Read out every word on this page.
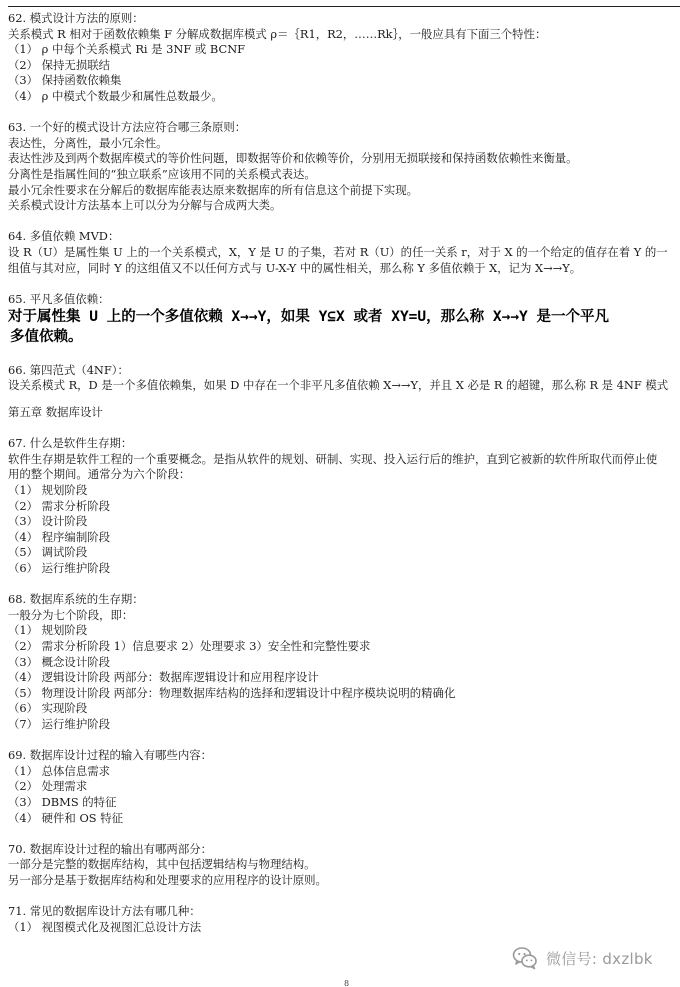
62. 模式设计方法的原则：
关系模式 R 相对于函数依赖集 F 分解成数据库模式 ρ＝｛R1，R2，……Rk｝，一般应具有下面三个特性：
（1） ρ 中每个关系模式 Ri 是 3NF 或 BCNF
（2） 保持无损联结
（3） 保持函数依赖集
（4） ρ 中模式个数最少和属性总数最少。
63. 一个好的模式设计方法应符合哪三条原则：
表达性，分离性，最小冗余性。
表达性涉及到两个数据库模式的等价性问题，即数据等价和依赖等价，分别用无损联接和保持函数依赖性来衡量。
分离性是指属性间的“独立联系”应该用不同的关系模式表达。
最小冗余性要求在分解后的数据库能表达原来数据库的所有信息这个前提下实现。
关系模式设计方法基本上可以分为分解与合成两大类。
64. 多值依赖 MVD：
设 R（U）是属性集 U 上的一个关系模式，X，Y 是 U 的子集，若对 R（U）的任一关系 r，对于 X 的一个给定的值存在着 Y 的一
组值与其对应，同时 Y 的这组值又不以任何方式与 U-X-Y 中的属性相关，那么称 Y 多值依赖于 X，记为 X→→Y。
65. 平凡多值依赖：
对于属性集 U 上的一个多值依赖 X→→Y，如果 Y⊆X 或者 XY=U，那么称 X→→Y 是一个平凡
多值依赖。
66. 第四范式（4NF）：
设关系模式 R，D 是一个多值依赖集，如果 D 中存在一个非平凡多值依赖 X→→Y，并且 X 必是 R 的超键，那么称 R 是 4NF 模式
第五章 数据库设计
67. 什么是软件生存期：
软件生存期是软件工程的一个重要概念。是指从软件的规划、研制、实现、投入运行后的维护，直到它被新的软件所取代而停止使
用的整个期间。通常分为六个阶段：
（1） 规划阶段
（2） 需求分析阶段
（3） 设计阶段
（4） 程序编制阶段
（5） 调试阶段
（6） 运行维护阶段
68. 数据库系统的生存期：
一般分为七个阶段，即：
（1） 规划阶段
（2） 需求分析阶段 1）信息要求 2）处理要求 3）安全性和完整性要求
（3） 概念设计阶段
（4） 逻辑设计阶段 两部分：数据库逻辑设计和应用程序设计
（5） 物理设计阶段 两部分：物理数据库结构的选择和逻辑设计中程序模块说明的精确化
（6） 实现阶段
（7） 运行维护阶段
69. 数据库设计过程的输入有哪些内容：
（1） 总体信息需求
（2） 处理需求
（3） DBMS 的特征
（4） 硬件和 OS 特征
70. 数据库设计过程的输出有哪两部分：
一部分是完整的数据库结构，其中包括逻辑结构与物理结构。
另一部分是基于数据库结构和处理要求的应用程序的设计原则。
71. 常见的数据库设计方法有哪几种：
（1） 视图模式化及视图汇总设计方法
微信号: dxzlbk
8
